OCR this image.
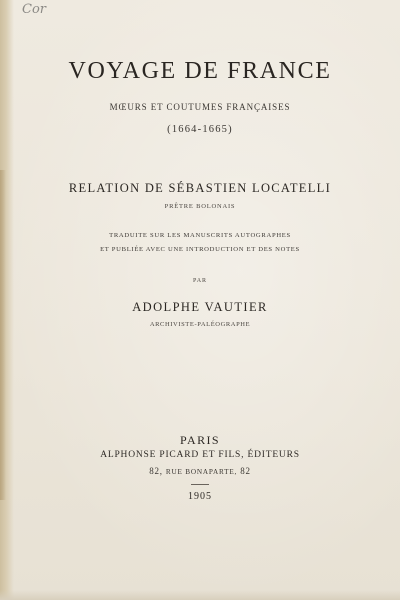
Cor
VOYAGE DE FRANCE
MŒURS ET COUTUMES FRANÇAISES
(1664-1665)
RELATION DE SÉBASTIEN LOCATELLI
PRÊTRE BOLONAIS
TRADUITE SUR LES MANUSCRITS AUTOGRAPHES
ET PUBLIÉE AVEC UNE INTRODUCTION ET DES NOTES
PAR
ADOLPHE VAUTIER
ARCHIVISTE-PALÉOGRAPHE
PARIS
ALPHONSE PICARD ET FILS, ÉDITEURS
82, RUE BONAPARTE, 82
1905
